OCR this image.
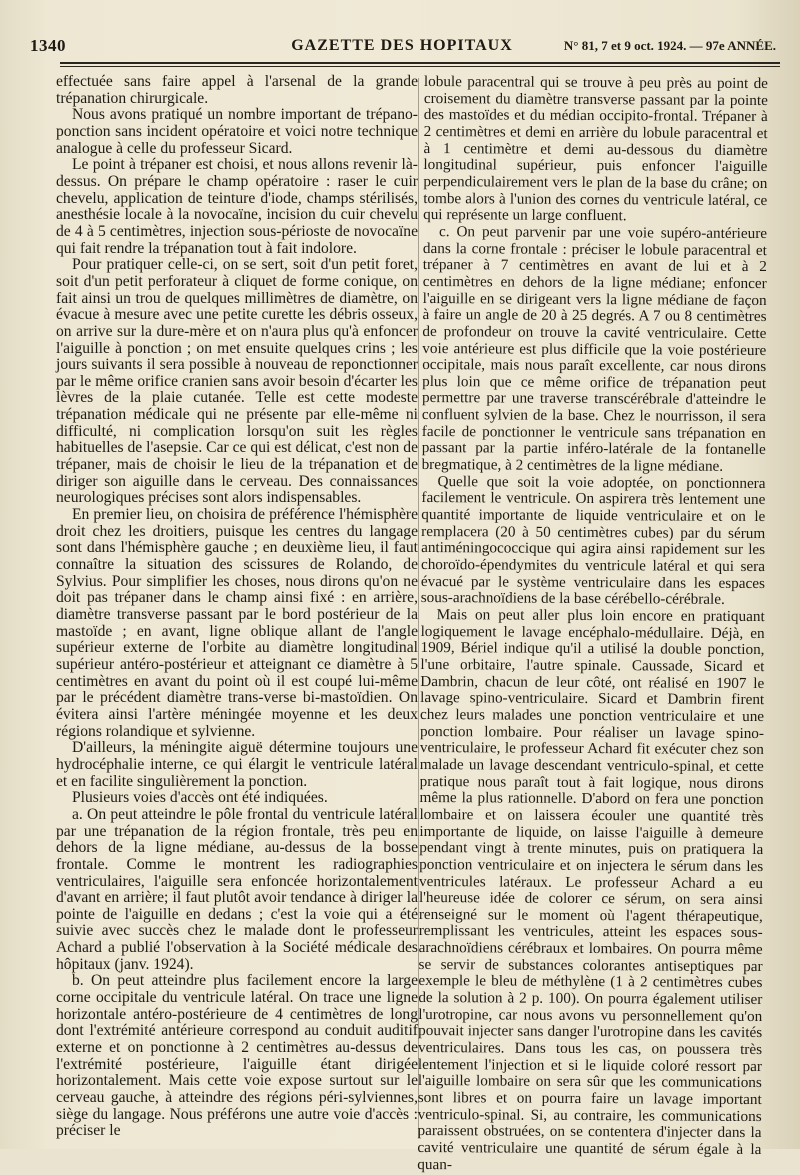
1340	GAZETTE DES HOPITAUX	N° 81, 7 et 9 oct. 1924. — 97e ANNÉE.

effectuée sans faire appel à l'arsenal de la grande trépanation chirurgicale.

Nous avons pratiqué un nombre important de trépano-ponction sans incident opératoire et voici notre technique analogue à celle du professeur Sicard.

Le point à trépaner est choisi, et nous allons revenir là-dessus. On prépare le champ opératoire : raser le cuir chevelu, application de teinture d'iode, champs stérilisés, anesthésie locale à la novocaïne, incision du cuir chevelu de 4 à 5 centimètres, injection sous-périoste de novocaïne qui fait rendre la trépanation tout à fait indolore.

Pour pratiquer celle-ci, on se sert, soit d'un petit foret, soit d'un petit perforateur à cliquet de forme conique, on fait ainsi un trou de quelques millimètres de diamètre, on évacue à mesure avec une petite curette les débris osseux, on arrive sur la dure-mère et on n'aura plus qu'à enfoncer l'aiguille à ponction ; on met ensuite quelques crins ; les jours suivants il sera possible à nouveau de reponctionner par le même orifice cranien sans avoir besoin d'écarter les lèvres de la plaie cutanée. Telle est cette modeste trépanation médicale qui ne présente par elle-même ni difficulté, ni complication lorsqu'on suit les règles habituelles de l'asepsie. Car ce qui est délicat, c'est non de trépaner, mais de choisir le lieu de la trépanation et de diriger son aiguille dans le cerveau. Des connaissances neurologiques précises sont alors indispensables.

En premier lieu, on choisira de préférence l'hémisphère droit chez les droitiers, puisque les centres du langage sont dans l'hémisphère gauche ; en deuxième lieu, il faut connaître la situation des scissures de Rolando, de Sylvius. Pour simplifier les choses, nous dirons qu'on ne doit pas trépaner dans le champ ainsi fixé : en arrière, diamètre transverse passant par le bord postérieur de la mastoïde ; en avant, ligne oblique allant de l'angle supérieur externe de l'orbite au diamètre longitudinal supérieur antéro-postérieur et atteignant ce diamètre à 5 centimètres en avant du point où il est coupé lui-même par le précédent diamètre trans-verse bi-mastoïdien. On évitera ainsi l'artère méningée moyenne et les deux régions rolandique et sylvienne.

D'ailleurs, la méningite aiguë détermine toujours une hydrocéphalie interne, ce qui élargit le ventricule latéral et en facilite singulièrement la ponction.

Plusieurs voies d'accès ont été indiquées.

a. On peut atteindre le pôle frontal du ventricule latéral par une trépanation de la région frontale, très peu en dehors de la ligne médiane, au-dessus de la bosse frontale. Comme le montrent les radiographies ventriculaires, l'aiguille sera enfoncée horizontalement d'avant en arrière; il faut plutôt avoir tendance à diriger la pointe de l'aiguille en dedans ; c'est la voie qui a été suivie avec succès chez le malade dont le professeur Achard a publié l'observation à la Société médicale des hôpitaux (janv. 1924).

b. On peut atteindre plus facilement encore la large corne occipitale du ventricule latéral. On trace une ligne horizontale antéro-postérieure de 4 centimètres de long dont l'extrémité antérieure correspond au conduit auditif externe et on ponctionne à 2 centimètres au-dessus de l'extrémité postérieure, l'aiguille étant dirigée horizontalement. Mais cette voie expose surtout sur le cerveau gauche, à atteindre des régions péri-sylviennes, siège du langage. Nous préférons une autre voie d'accès : préciser le

lobule paracentral qui se trouve à peu près au point de croisement du diamètre transverse passant par la pointe des mastoïdes et du médian occipito-frontal. Trépaner à 2 centimètres et demi en arrière du lobule paracentral et à 1 centimètre et demi au-dessous du diamètre longitudinal supérieur, puis enfoncer l'aiguille perpendiculairement vers le plan de la base du crâne; on tombe alors à l'union des cornes du ventricule latéral, ce qui représente un large confluent.

c. On peut parvenir par une voie supéro-antérieure dans la corne frontale : préciser le lobule paracentral et trépaner à 7 centimètres en avant de lui et à 2 centimètres en dehors de la ligne médiane; enfoncer l'aiguille en se dirigeant vers la ligne médiane de façon à faire un angle de 20 à 25 degrés. A 7 ou 8 centimètres de profondeur on trouve la cavité ventriculaire. Cette voie antérieure est plus difficile que la voie postérieure occipitale, mais nous paraît excellente, car nous dirons plus loin que ce même orifice de trépanation peut permettre par une traverse transcérébrale d'atteindre le confluent sylvien de la base. Chez le nourrisson, il sera facile de ponctionner le ventricule sans trépanation en passant par la partie inféro-latérale de la fontanelle bregmatique, à 2 centimètres de la ligne médiane.

Quelle que soit la voie adoptée, on ponctionnera facilement le ventricule. On aspirera très lentement une quantité importante de liquide ventriculaire et on le remplacera (20 à 50 centimètres cubes) par du sérum antiméningococcique qui agira ainsi rapidement sur les choroïdo-épendymites du ventricule latéral et qui sera évacué par le système ventriculaire dans les espaces sous-arachnoïdiens de la base cérébello-cérébrale.

Mais on peut aller plus loin encore en pratiquant logiquement le lavage encéphalo-médullaire. Déjà, en 1909, Bériel indique qu'il a utilisé la double ponction, l'une orbitaire, l'autre spinale. Caussade, Sicard et Dambrin, chacun de leur côté, ont réalisé en 1907 le lavage spino-ventriculaire. Sicard et Dambrin firent chez leurs malades une ponction ventriculaire et une ponction lombaire. Pour réaliser un lavage spino-ventriculaire, le professeur Achard fit exécuter chez son malade un lavage descendant ventriculo-spinal, et cette pratique nous paraît tout à fait logique, nous dirons même la plus rationnelle. D'abord on fera une ponction lombaire et on laissera écouler une quantité très importante de liquide, on laisse l'aiguille à demeure pendant vingt à trente minutes, puis on pratiquera la ponction ventriculaire et on injectera le sérum dans les ventricules latéraux. Le professeur Achard a eu l'heureuse idée de colorer ce sérum, on sera ainsi renseigné sur le moment où l'agent thérapeutique, remplissant les ventricules, atteint les espaces sous-arachnoïdiens cérébraux et lombaires. On pourra même se servir de substances colorantes antiseptiques par exemple le bleu de méthylène (1 à 2 centimètres cubes de la solution à 2 p. 100). On pourra également utiliser l'urotropine, car nous avons vu personnellement qu'on pouvait injecter sans danger l'urotropine dans les cavités ventriculaires. Dans tous les cas, on poussera très lentement l'injection et si le liquide coloré ressort par l'aiguille lombaire on sera sûr que les communications sont libres et on pourra faire un lavage important ventriculo-spinal. Si, au contraire, les communications paraissent obstruées, on se contentera d'injecter dans la cavité ventriculaire une quantité de sérum égale à la quan-
